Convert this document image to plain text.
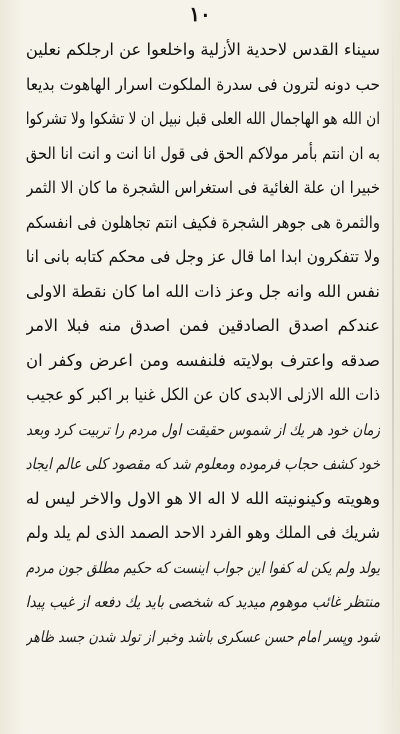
١٠
سيناء القدس لاحدية الأزلية واخلعوا عن ارجلكم نعلين
حب دونه لترون فى سدرة الملكوت اسرار الهاهوت بديعا
ان الله هو الهاجمال الله العلى قبل نبيل ان لا تشكوا ولا تشركوا
به ان انتم بأمر مولاكم الحق فى قول انا انت و انت انا الحق
خبيرا ان علة الغائية فى استغراس الشجرة ما كان الا الثمر
والثمرة هى جوهر الشجرة فكيف انتم تجاهلون فى انفسكم
ولا تتفكرون ابدا اما قال عز وجل فى محكم كتابه بانى انا
نفس الله وانه جل وعز ذات الله اما كان نقطة الاولى
عندكم اصدق الصادقين فمن اصدق منه فبلا الامر
صدقه واعترف بولايته فلنفسه ومن اعرض وكفر ان
ذات الله الازلى الابدى كان عن الكل غنيا بر اكبر كو عجيب
زمان خود هر يك از شموس حقيقت اول مردم را تربيت كرد وبعد
خود كشف حجاب فرموده ومعلوم شد كه مقصود كلى عالم ايجاد
وهويته وكينونيته الله لا اله الا هو الاول والاخر ليس له
شريك فى الملك وهو الفرد الاحد الصمد الذى لم يلد ولم
يولد ولم يكن له كفوا اين جواب اينست كه حكيم مطلق جون مردم
منتظر غائب موهوم ميديد كه شخصى بايد يك دفعه از غيب پيدا
شود وپسر امام حسن عسكرى باشد وخبر از تولد شدن جسد ظاهر
